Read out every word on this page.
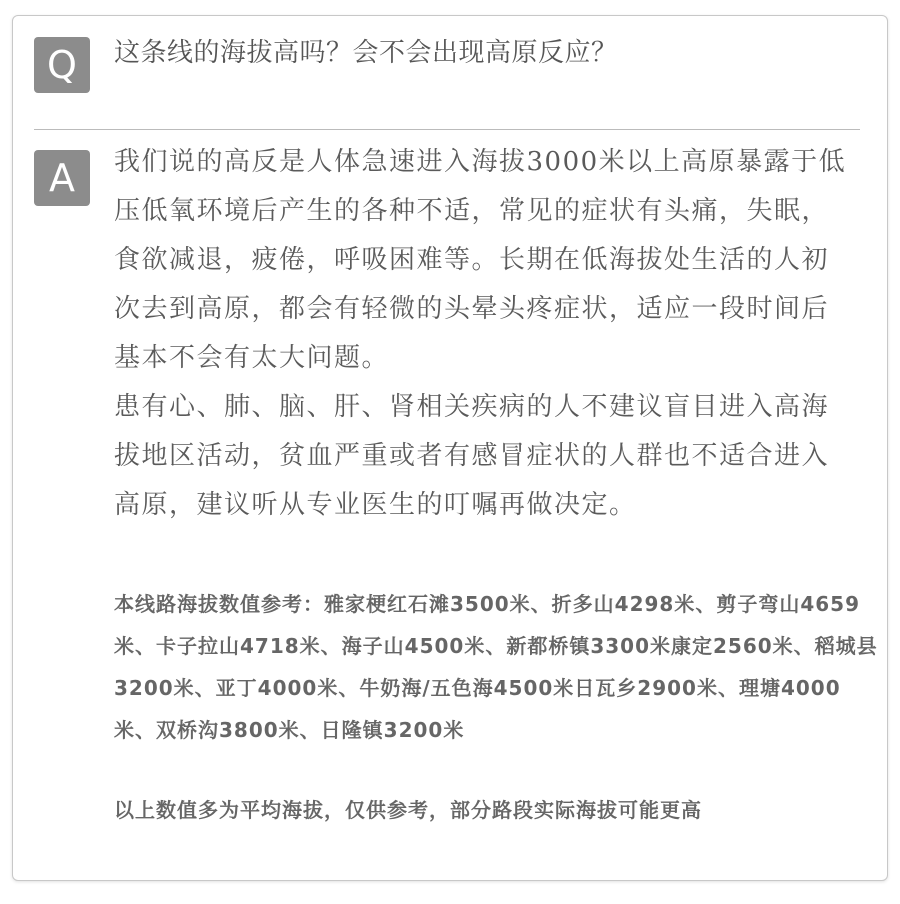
Q	这条线的海拔高吗？会不会出现高原反应？
A	我们说的高反是人体急速进入海拔3000米以上高原暴露于低压低氧环境后产生的各种不适，常见的症状有头痛，失眠，食欲减退，疲倦，呼吸困难等。长期在低海拔处生活的人初次去到高原，都会有轻微的头晕头疼症状，适应一段时间后基本不会有太大问题。

患有心、肺、脑、肝、肾相关疾病的人不建议盲目进入高海拔地区活动，贫血严重或者有感冒症状的人群也不适合进入高原，建议听从专业医生的叮嘱再做决定。

本线路海拔数值参考：雅家梗红石滩3500米、折多山4298米、剪子弯山4659米、卡子拉山4718米、海子山4500米、新都桥镇3300米康定2560米、稻城县3200米、亚丁4000米、牛奶海/五色海4500米日瓦乡2900米、理塘4000米、双桥沟3800米、日隆镇3200米
以上数值多为平均海拔，仅供参考，部分路段实际海拔可能更高
